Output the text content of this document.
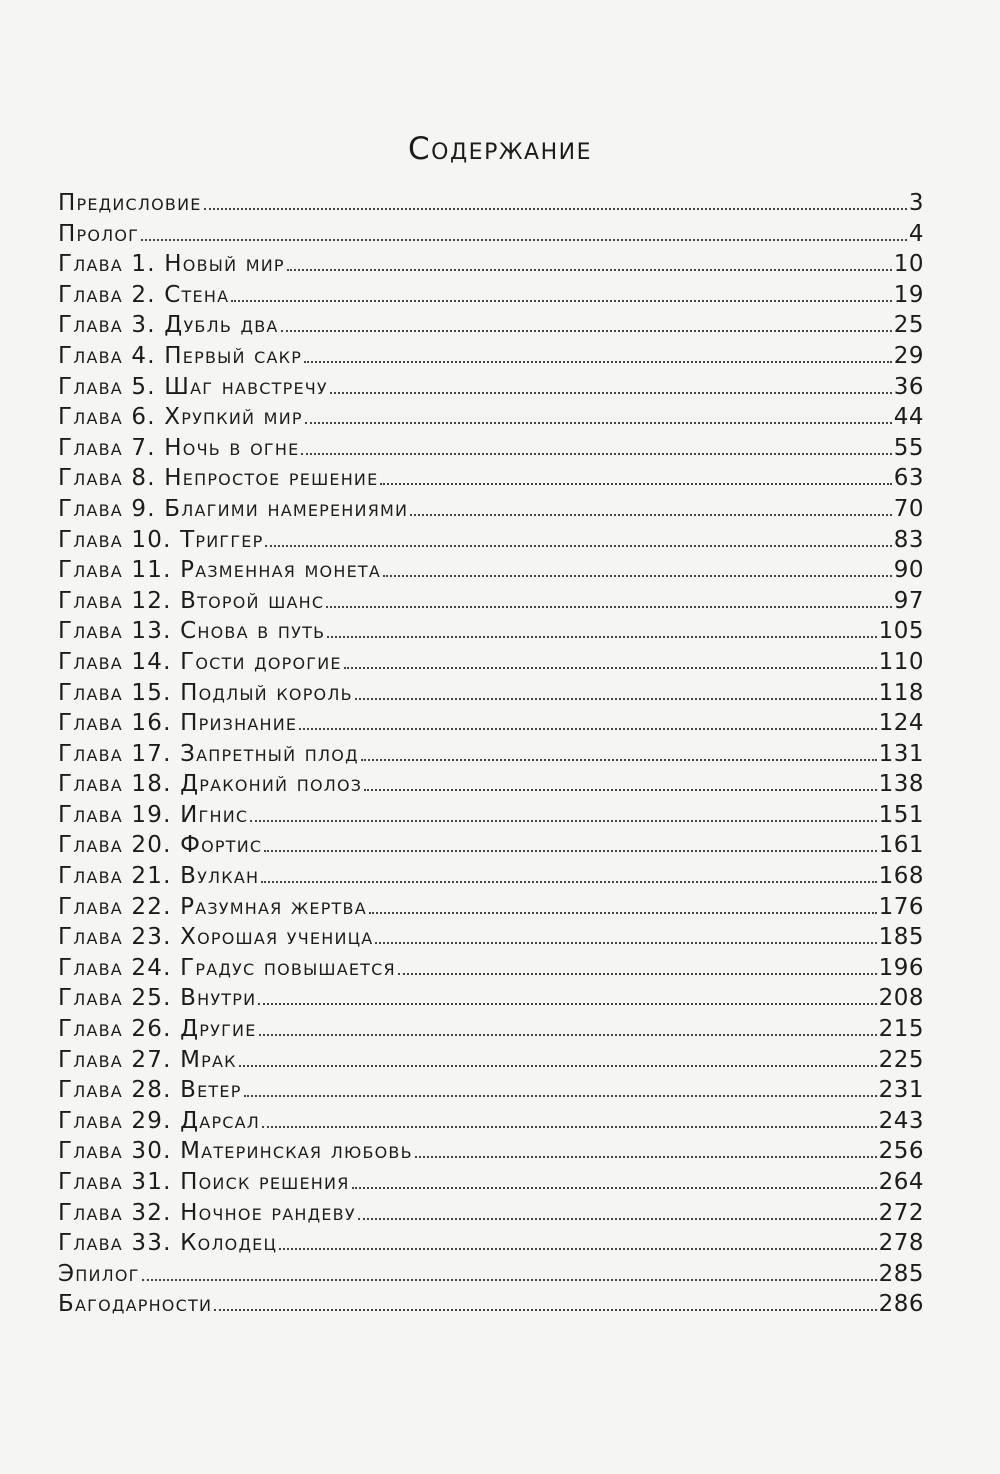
Содержание
Предисловие	3
Пролог	4
Глава 1. Новый мир	10
Глава 2. Стена	19
Глава 3. Дубль два	25
Глава 4. Первый сакр	29
Глава 5. Шаг навстречу	36
Глава 6. Хрупкий мир	44
Глава 7. Ночь в огне	55
Глава 8. Непростое решение	63
Глава 9. Благими намерениями	70
Глава 10. Триггер	83
Глава 11. Разменная монета	90
Глава 12. Второй шанс	97
Глава 13. Снова в путь	105
Глава 14. Гости дорогие	110
Глава 15. Подлый король	118
Глава 16. Признание	124
Глава 17. Запретный плод	131
Глава 18. Драконий полоз	138
Глава 19. Игнис	151
Глава 20. Фортис	161
Глава 21. Вулкан	168
Глава 22. Разумная жертва	176
Глава 23. Хорошая ученица	185
Глава 24. Градус повышается	196
Глава 25. Внутри	208
Глава 26. Другие	215
Глава 27. Мрак	225
Глава 28. Ветер	231
Глава 29. Дарсал	243
Глава 30. Материнская любовь	256
Глава 31. Поиск решения	264
Глава 32. Ночное рандеву	272
Глава 33. Колодец	278
Эпилог	285
Багодарности	286
